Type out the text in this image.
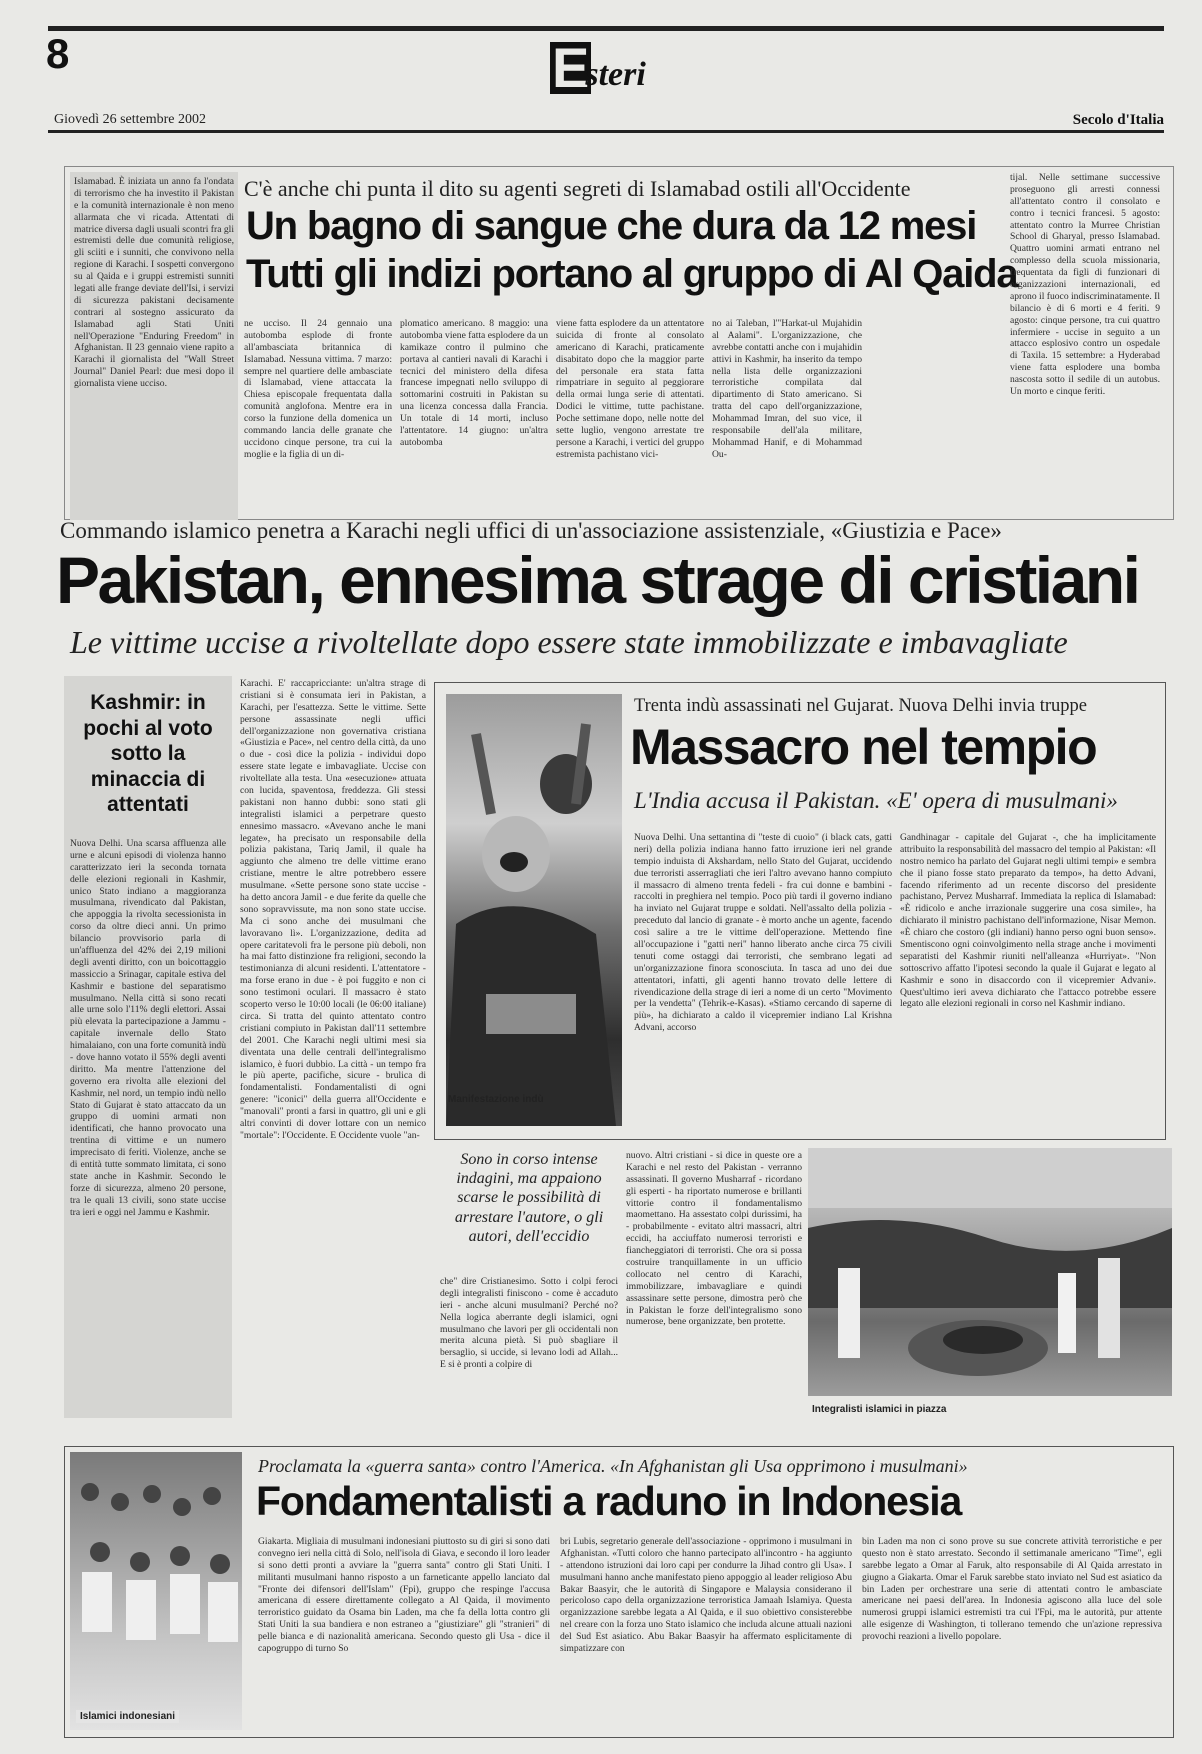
8	Esteri
Giovedì 26 settembre 2002	Secolo d'Italia
Islamabad. È iniziata un anno fa l'ondata di terrorismo che ha investito il Pakistan e la comunità internazionale è non meno allarmata che vi ricada. Attentati di matrice diversa dagli usuali scontri fra gli estremisti delle due comunità religiose, gli sciiti e i sunniti, che convivono nella regione di Karachi. I sospetti convergono su al Qaida e i gruppi estremisti sunniti legati alle frange deviate dell'Isi, i servizi di sicurezza pakistani decisamente contrari al sostegno assicurato da Islamabad agli Stati Uniti nell'Operazione "Enduring Freedom" in Afghanistan. Il 23 gennaio viene rapito a Karachi il giornalista del "Wall Street Journal" Daniel Pearl: due mesi dopo il giornalista viene ucciso.
C'è anche chi punta il dito su agenti segreti di Islamabad ostili all'Occidente
Un bagno di sangue che dura da 12 mesi
Tutti gli indizi portano al gruppo di Al Qaida
ne ucciso. Il 24 gennaio una autobomba esplode di fronte all'ambasciata britannica di Islamabad. Nessuna vittima. 7 marzo: sempre nel quartiere delle ambasciate di Islamabad, viene attaccata la Chiesa episcopale frequentata dalla comunità anglofona. Mentre era in corso la funzione della domenica un commando lancia delle granate che uccidono cinque persone, tra cui la moglie e la figlia di un di-
plomatico americano. 8 maggio: una autobomba viene fatta esplodere da un kamikaze contro il pulmino che portava al cantieri navali di Karachi i tecnici del ministero della difesa francese impegnati nello sviluppo di sottomarini costruiti in Pakistan su una licenza concessa dalla Francia. Un totale di 14 morti, incluso l'attentatore. 14 giugno: un'altra autobomba
viene fatta esplodere da un attentatore suicida di fronte al consolato americano di Karachi, praticamente disabitato dopo che la maggior parte del personale era stata fatta rimpatriare in seguito al peggiorare della ormai lunga serie di attentati. Dodici le vittime, tutte pachistane. Poche settimane dopo, nelle notte del sette luglio, vengono arrestate tre persone a Karachi, i vertici del gruppo estremista pachistano vici-
no ai Taleban, l'"Harkat-ul Mujahidin al Aalami". L'organizzazione, che avrebbe contatti anche con i mujahidin attivi in Kashmir, ha inserito da tempo nella lista delle organizzazioni terroristiche compilata dal dipartimento di Stato americano. Si tratta del capo dell'organizzazione, Mohammad Imran, del suo vice, il responsabile dell'ala militare, Mohammad Hanif, e di Mohammad Ou-
tijal. Nelle settimane successive proseguono gli arresti connessi all'attentato contro il consolato e contro i tecnici francesi. 5 agosto: attentato contro la Murree Christian School di Gharyal, presso Islamabad. Quattro uomini armati entrano nel complesso della scuola missionaria, frequentata da figli di funzionari di organizzazioni internazionali, ed aprono il fuoco indiscriminatamente. Il bilancio è di 6 morti e 4 feriti. 9 agosto: cinque persone, tra cui quattro infermiere - uccise in seguito a un attacco esplosivo contro un ospedale di Taxila. 15 settembre: a Hyderabad viene fatta esplodere una bomba nascosta sotto il sedile di un autobus. Un morto e cinque feriti.
Commando islamico penetra a Karachi negli uffici di un'associazione assistenziale, «Giustizia e Pace»
Pakistan, ennesima strage di cristiani
Le vittime uccise a rivoltellate dopo essere state immobilizzate e imbavagliate
Kashmir: in pochi al voto sotto la minaccia di attentati
Nuova Delhi. Una scarsa affluenza alle urne e alcuni episodi di violenza hanno caratterizzato ieri la seconda tornata delle elezioni regionali in Kashmir, unico Stato indiano a maggioranza musulmana, rivendicato dal Pakistan, che appoggia la rivolta secessionista in corso da oltre dieci anni. Un primo bilancio provvisorio parla di un'affluenza del 42% dei 2,19 milioni degli aventi diritto, con un boicottaggio massiccio a Srinagar, capitale estiva del Kashmir e bastione del separatismo musulmano. Nella città si sono recati alle urne solo l'11% degli elettori. Assai più elevata la partecipazione a Jammu - capitale invernale dello Stato himalaiano, con una forte comunità indù - dove hanno votato il 55% degli aventi diritto. Ma mentre l'attenzione del governo era rivolta alle elezioni del Kashmir, nel nord, un tempio indù nello Stato di Gujarat è stato attaccato da un gruppo di uomini armati non identificati, che hanno provocato una trentina di vittime e un numero imprecisato di feriti. Violenze, anche se di entità tutte sommato limitata, ci sono state anche in Kashmir. Secondo le forze di sicurezza, almeno 20 persone, tra le quali 13 civili, sono state uccise tra ieri e oggi nel Jammu e Kashmir.
Karachi. E' raccapricciante: un'altra strage di cristiani si è consumata ieri in Pakistan, a Karachi, per l'esattezza. Sette le vittime. Sette persone assassinate negli uffici dell'organizzazione non governativa cristiana «Giustizia e Pace», nel centro della città, da uno o due - così dice la polizia - individui dopo essere state legate e imbavagliate. Uccise con rivoltellate alla testa. Una «esecuzione» attuata con lucida, spaventosa, freddezza. Gli stessi pakistani non hanno dubbi: sono stati gli integralisti islamici a perpetrare questo ennesimo massacro. «Avevano anche le mani legate», ha precisato un responsabile della polizia pakistana, Tariq Jamil, il quale ha aggiunto che almeno tre delle vittime erano cristiane, mentre le altre potrebbero essere musulmane. «Sette persone sono state uccise - ha detto ancora Jamil - e due ferite da quelle che sono sopravvissute, ma non sono state uccise. Ma ci sono anche dei musulmani che lavoravano lì». L'organizzazione, dedita ad opere caritatevoli fra le persone più deboli, non ha mai fatto distinzione fra religioni, secondo la testimonianza di alcuni residenti. L'attentatore - ma forse erano in due - è poi fuggito e non ci sono testimoni oculari. Il massacro è stato scoperto verso le 10:00 locali (le 06:00 italiane) circa. Si tratta del quinto attentato contro cristiani compiuto in Pakistan dall'11 settembre del 2001. Che Karachi negli ultimi mesi sia diventata una delle centrali dell'integralismo islamico, è fuori dubbio. La città - un tempo fra le più aperte, pacifiche, sicure - brulica di fondamentalisti. Fondamentalisti di ogni genere: "iconici" della guerra all'Occidente e "manovali" pronti a farsi in quattro, gli uni e gli altri convinti di dover lottare con un nemico "mortale": l'Occidente. E Occidente vuole "an-
Manifestazione indù
Trenta indù assassinati nel Gujarat. Nuova Delhi invia truppe
Massacro nel tempio
L'India accusa il Pakistan. «E' opera di musulmani»
Nuova Delhi. Una settantina di "teste di cuoio" (i black cats, gatti neri) della polizia indiana hanno fatto irruzione ieri nel grande tempio induista di Akshardam, nello Stato del Gujarat, uccidendo due terroristi asserragliati che ieri l'altro avevano hanno compiuto il massacro di almeno trenta fedeli - fra cui donne e bambini - raccolti in preghiera nel tempio. Poco più tardi il governo indiano ha inviato nel Gujarat truppe e soldati. Nell'assalto della polizia - preceduto dal lancio di granate - è morto anche un agente, facendo così salire a tre le vittime dell'operazione. Mettendo fine all'occupazione i "gatti neri" hanno liberato anche circa 75 civili tenuti come ostaggi dai terroristi, che sembrano legati ad un'organizzazione finora sconosciuta. In tasca ad uno dei due attentatori, infatti, gli agenti hanno trovato delle lettere di rivendicazione della strage di ieri a nome di un certo "Movimento per la vendetta" (Tehrik-e-Kasas). «Stiamo cercando di saperne di più», ha dichiarato a caldo il vicepremier indiano Lal Krishna Advani, accorso
Gandhinagar - capitale del Gujarat -, che ha implicitamente attribuito la responsabilità del massacro del tempio al Pakistan: «Il nostro nemico ha parlato del Gujarat negli ultimi tempi» e sembra che il piano fosse stato preparato da tempo», ha detto Advani, facendo riferimento ad un recente discorso del presidente pachistano, Pervez Musharraf. Immediata la replica di Islamabad: «È ridicolo e anche irrazionale suggerire una cosa simile», ha dichiarato il ministro pachistano dell'informazione, Nisar Memon. «È chiaro che costoro (gli indiani) hanno perso ogni buon senso». Smentiscono ogni coinvolgimento nella strage anche i movimenti separatisti del Kashmir riuniti nell'alleanza «Hurriyat». "Non sottoscrivo affatto l'ipotesi secondo la quale il Gujarat e legato al Kashmir e sono in disaccordo con il vicepremier Advani». Quest'ultimo ieri aveva dichiarato che l'attacco potrebbe essere legato alle elezioni regionali in corso nel Kashmir indiano.
Sono in corso intense indagini, ma appaiono scarse le possibilità di arrestare l'autore, o gli autori, dell'eccidio
che" dire Cristianesimo. Sotto i colpi feroci degli integralisti finiscono - come è accaduto ieri - anche alcuni musulmani? Perché no? Nella logica aberrante degli islamici, ogni musulmano che lavori per gli occidentali non merita alcuna pietà. Si può sbagliare il bersaglio, si uccide, si levano lodi ad Allah... E si è pronti a colpire di
nuovo. Altri cristiani - si dice in queste ore a Karachi e nel resto del Pakistan - verranno assassinati. Il governo Musharraf - ricordano gli esperti - ha riportato numerose e brillanti vittorie contro il fondamentalismo maomettano. Ha assestato colpi durissimi, ha - probabilmente - evitato altri massacri, altri eccidi, ha acciuffato numerosi terroristi e fiancheggiatori di terroristi. Che ora si possa costruire tranquillamente in un ufficio collocato nel centro di Karachi, immobilizzare, imbavagliare e quindi assassinare sette persone, dimostra però che in Pakistan le forze dell'integralismo sono numerose, bene organizzate, ben protette.
Integralisti islamici in piazza
Islamici indonesiani
Proclamata la «guerra santa» contro l'America. «In Afghanistan gli Usa opprimono i musulmani»
Fondamentalisti a raduno in Indonesia
Giakarta. Migliaia di musulmani indonesiani piuttosto su di giri si sono dati convegno ieri nella città di Solo, nell'isola di Giava, e secondo il loro leader si sono detti pronti a avviare la "guerra santa" contro gli Stati Uniti. I militanti musulmani hanno risposto a un farneticante appello lanciato dal "Fronte dei difensori dell'Islam" (Fpi), gruppo che respinge l'accusa americana di essere direttamente collegato a Al Qaida, il movimento terroristico guidato da Osama bin Laden, ma che fa della lotta contro gli Stati Uniti la sua bandiera e non estraneo a "giustiziare" gli "stranieri" di pelle bianca e di nazionalità americana. Secondo questo gli Usa - dice il capogruppo di turno So
bri Lubis, segretario generale dell'associazione - opprimono i musulmani in Afghanistan. «Tutti coloro che hanno partecipato all'incontro - ha aggiunto - attendono istruzioni dai loro capi per condurre la Jihad contro gli Usa». I musulmani hanno anche manifestato pieno appoggio al leader religioso Abu Bakar Baasyir, che le autorità di Singapore e Malaysia considerano il pericoloso capo della organizzazione terroristica Jamaah Islamiya. Questa organizzazione sarebbe legata a Al Qaida, e il suo obiettivo consisterebbe nel creare con la forza uno Stato islamico che includa alcune attuali nazioni del Sud Est asiatico. Abu Bakar Baasyir ha affermato esplicitamente di simpatizzare con
bin Laden ma non ci sono prove su sue concrete attività terroristiche e per questo non è stato arrestato. Secondo il settimanale americano "Time", egli sarebbe legato a Omar al Faruk, alto responsabile di Al Qaida arrestato in giugno a Giakarta. Omar el Faruk sarebbe stato inviato nel Sud est asiatico da bin Laden per orchestrare una serie di attentati contro le ambasciate americane nei paesi dell'area. In Indonesia agiscono alla luce del sole numerosi gruppi islamici estremisti tra cui l'Fpi, ma le autorità, pur attente alle esigenze di Washington, ti tollerano temendo che un'azione repressiva provochi reazioni a livello popolare.
